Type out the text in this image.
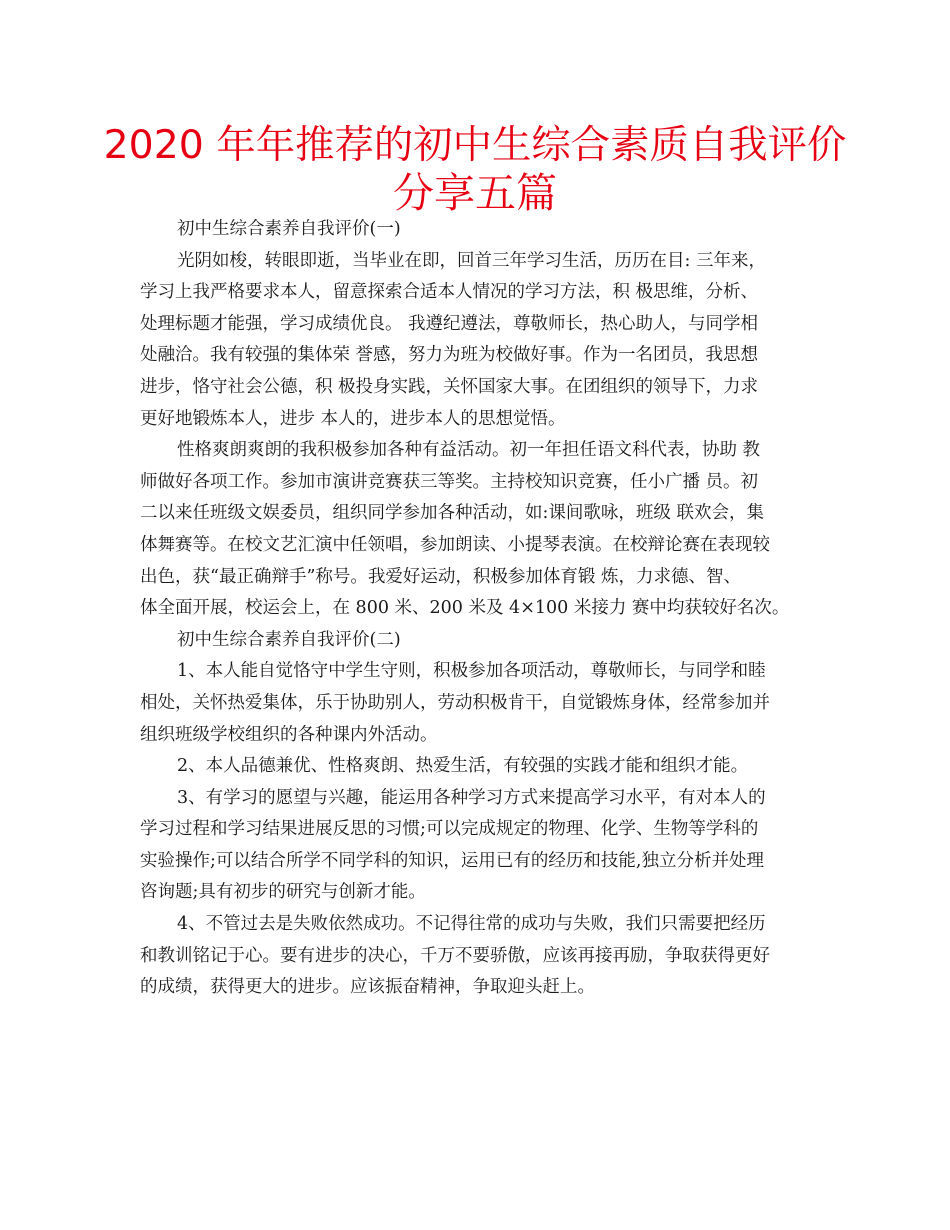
2020 年年推荐的初中生综合素质自我评价
分享五篇
初中生综合素养自我评价(一)
光阴如梭，转眼即逝，当毕业在即，回首三年学习生活，历历在目: 三年来，
学习上我严格要求本人，留意探索合适本人情况的学习方法，积 极思维，分析、
处理标题才能强，学习成绩优良。 我遵纪遵法，尊敬师长，热心助人，与同学相
处融洽。我有较强的集体荣 誉感，努力为班为校做好事。作为一名团员，我思想
进步，恪守社会公德，积 极投身实践，关怀国家大事。在团组织的领导下，力求
更好地锻炼本人，进步 本人的，进步本人的思想觉悟。
性格爽朗爽朗的我积极参加各种有益活动。初一年担任语文科代表，协助 教
师做好各项工作。参加市演讲竞赛获三等奖。主持校知识竞赛，任小广播 员。初
二以来任班级文娱委员，组织同学参加各种活动，如:课间歌咏，班级 联欢会，集
体舞赛等。在校文艺汇演中任领唱，参加朗读、小提琴表演。在校辩论赛在表现较
出色，获“最正确辩手”称号。我爱好运动，积极参加体育锻 炼，力求德、智、
体全面开展，校运会上，在 800 米、200 米及 4×100 米接力 赛中均获较好名次。
初中生综合素养自我评价(二)
1、本人能自觉恪守中学生守则，积极参加各项活动，尊敬师长，与同学和睦
相处，关怀热爱集体，乐于协助别人，劳动积极肯干，自觉锻炼身体，经常参加并
组织班级学校组织的各种课内外活动。
2、本人品德兼优、性格爽朗、热爱生活，有较强的实践才能和组织才能。
3、有学习的愿望与兴趣，能运用各种学习方式来提高学习水平，有对本人的
学习过程和学习结果进展反思的习惯;可以完成规定的物理、化学、生物等学科的
实验操作;可以结合所学不同学科的知识，运用已有的经历和技能,独立分析并处理
咨询题;具有初步的研究与创新才能。
4、不管过去是失败依然成功。不记得往常的成功与失败，我们只需要把经历
和教训铭记于心。要有进步的决心，千万不要骄傲，应该再接再励，争取获得更好
的成绩，获得更大的进步。应该振奋精神，争取迎头赶上。
